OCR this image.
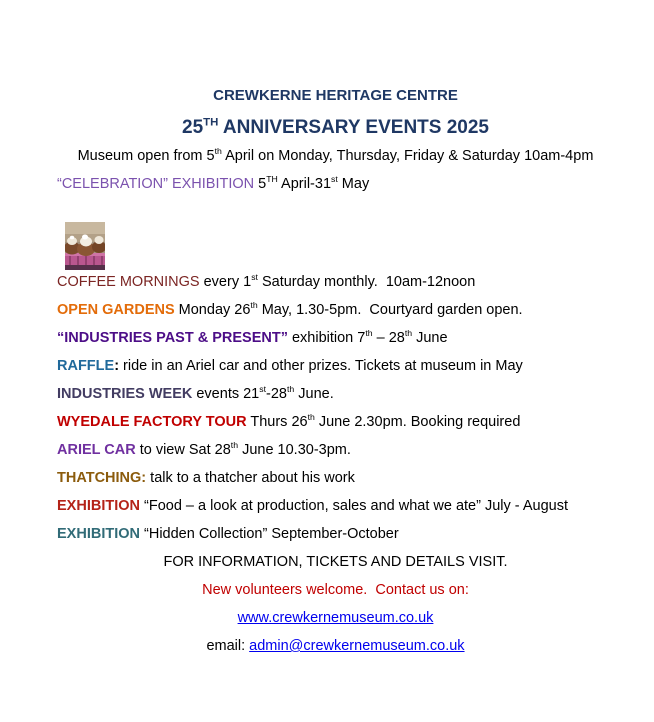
CREWKERNE HERITAGE CENTRE
25TH ANNIVERSARY EVENTS 2025
Museum open from 5th April on Monday, Thursday, Friday & Saturday 10am-4pm
“CELEBRATION” EXHIBITION 5TH April-31st May

COFFEE MORNINGS every 1st Saturday monthly.  10am-12noon
OPEN GARDENS Monday 26th May, 1.30-5pm.  Courtyard garden open.
“INDUSTRIES PAST & PRESENT” exhibition 7th – 28th June
RAFFLE: ride in an Ariel car and other prizes. Tickets at museum in May
INDUSTRIES WEEK events 21st-28th June.
WYEDALE FACTORY TOUR Thurs 26th June 2.30pm. Booking required
ARIEL CAR to view Sat 28th June 10.30-3pm.
THATCHING: talk to a thatcher about his work
EXHIBITION “Food – a look at production, sales and what we ate” July - August
EXHIBITION “Hidden Collection” September-October
FOR INFORMATION, TICKETS AND DETAILS VISIT.
New volunteers welcome.  Contact us on:
www.crewkernemuseum.co.uk
email: admin@crewkernemuseum.co.uk
